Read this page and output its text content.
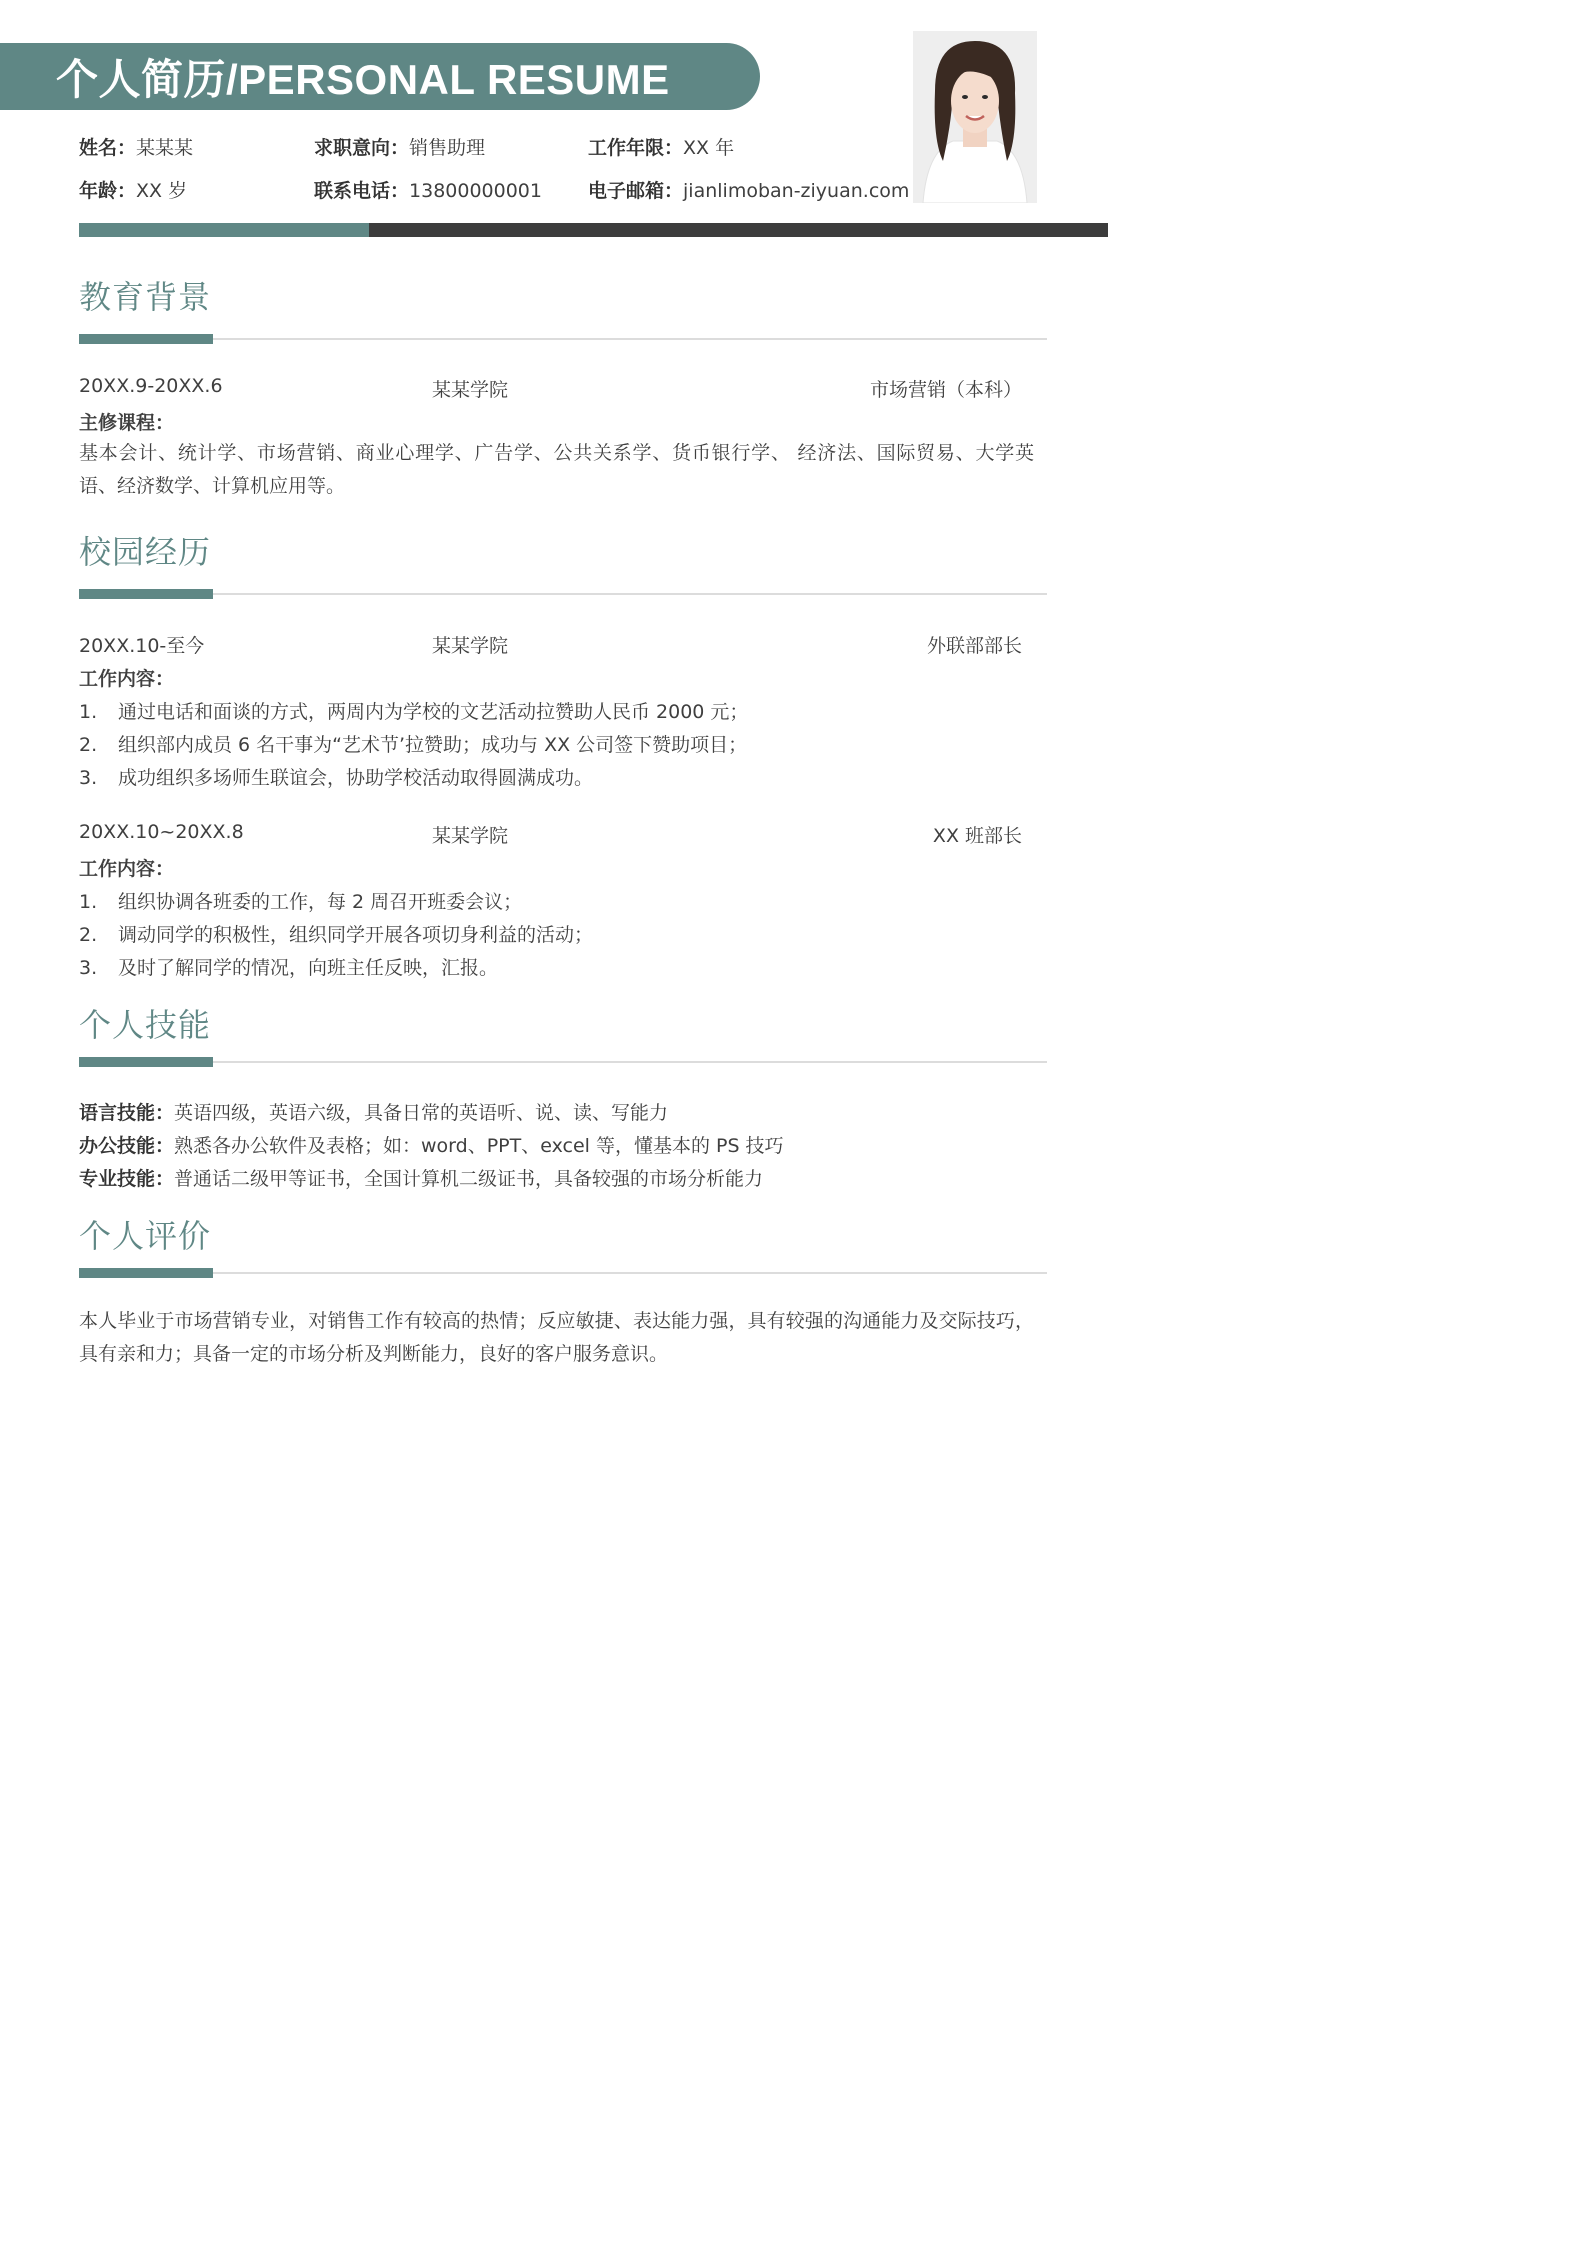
个人简历/PERSONAL RESUME
姓名：某某某	求职意向：销售助理	工作年限：XX 年
年龄：XX 岁	联系电话：13800000001 电子邮箱：jianlimoban-ziyuan.com
教育背景
20XX.9-20XX.6	某某学院	市场营销（本科）
主修课程：
基本会计、统计学、市场营销、商业心理学、广告学、公共关系学、货币银行学、 经济法、国际贸易、大学英语、经济数学、计算机应用等。
校园经历
20XX.10-至今	某某学院	外联部部长
工作内容：
1. 通过电话和面谈的方式，两周内为学校的文艺活动拉赞助人民币 2000 元；
2. 组织部内成员 6 名干事为“艺术节’拉赞助；成功与 XX 公司签下赞助项目；
3. 成功组织多场师生联谊会，协助学校活动取得圆满成功。
20XX.10~20XX.8	某某学院	XX 班部长
工作内容：
1. 组织协调各班委的工作，每 2 周召开班委会议；
2. 调动同学的积极性，组织同学开展各项切身利益的活动；
3. 及时了解同学的情况，向班主任反映，汇报。
个人技能
语言技能：英语四级，英语六级，具备日常的英语听、说、读、写能力
办公技能：熟悉各办公软件及表格；如：word、PPT、excel 等，懂基本的 PS 技巧
专业技能：普通话二级甲等证书，全国计算机二级证书，具备较强的市场分析能力
个人评价
本人毕业于市场营销专业，对销售工作有较高的热情；反应敏捷、表达能力强，具有较强的沟通能力及交际技巧，具有亲和力；具备一定的市场分析及判断能力，良好的客户服务意识。
